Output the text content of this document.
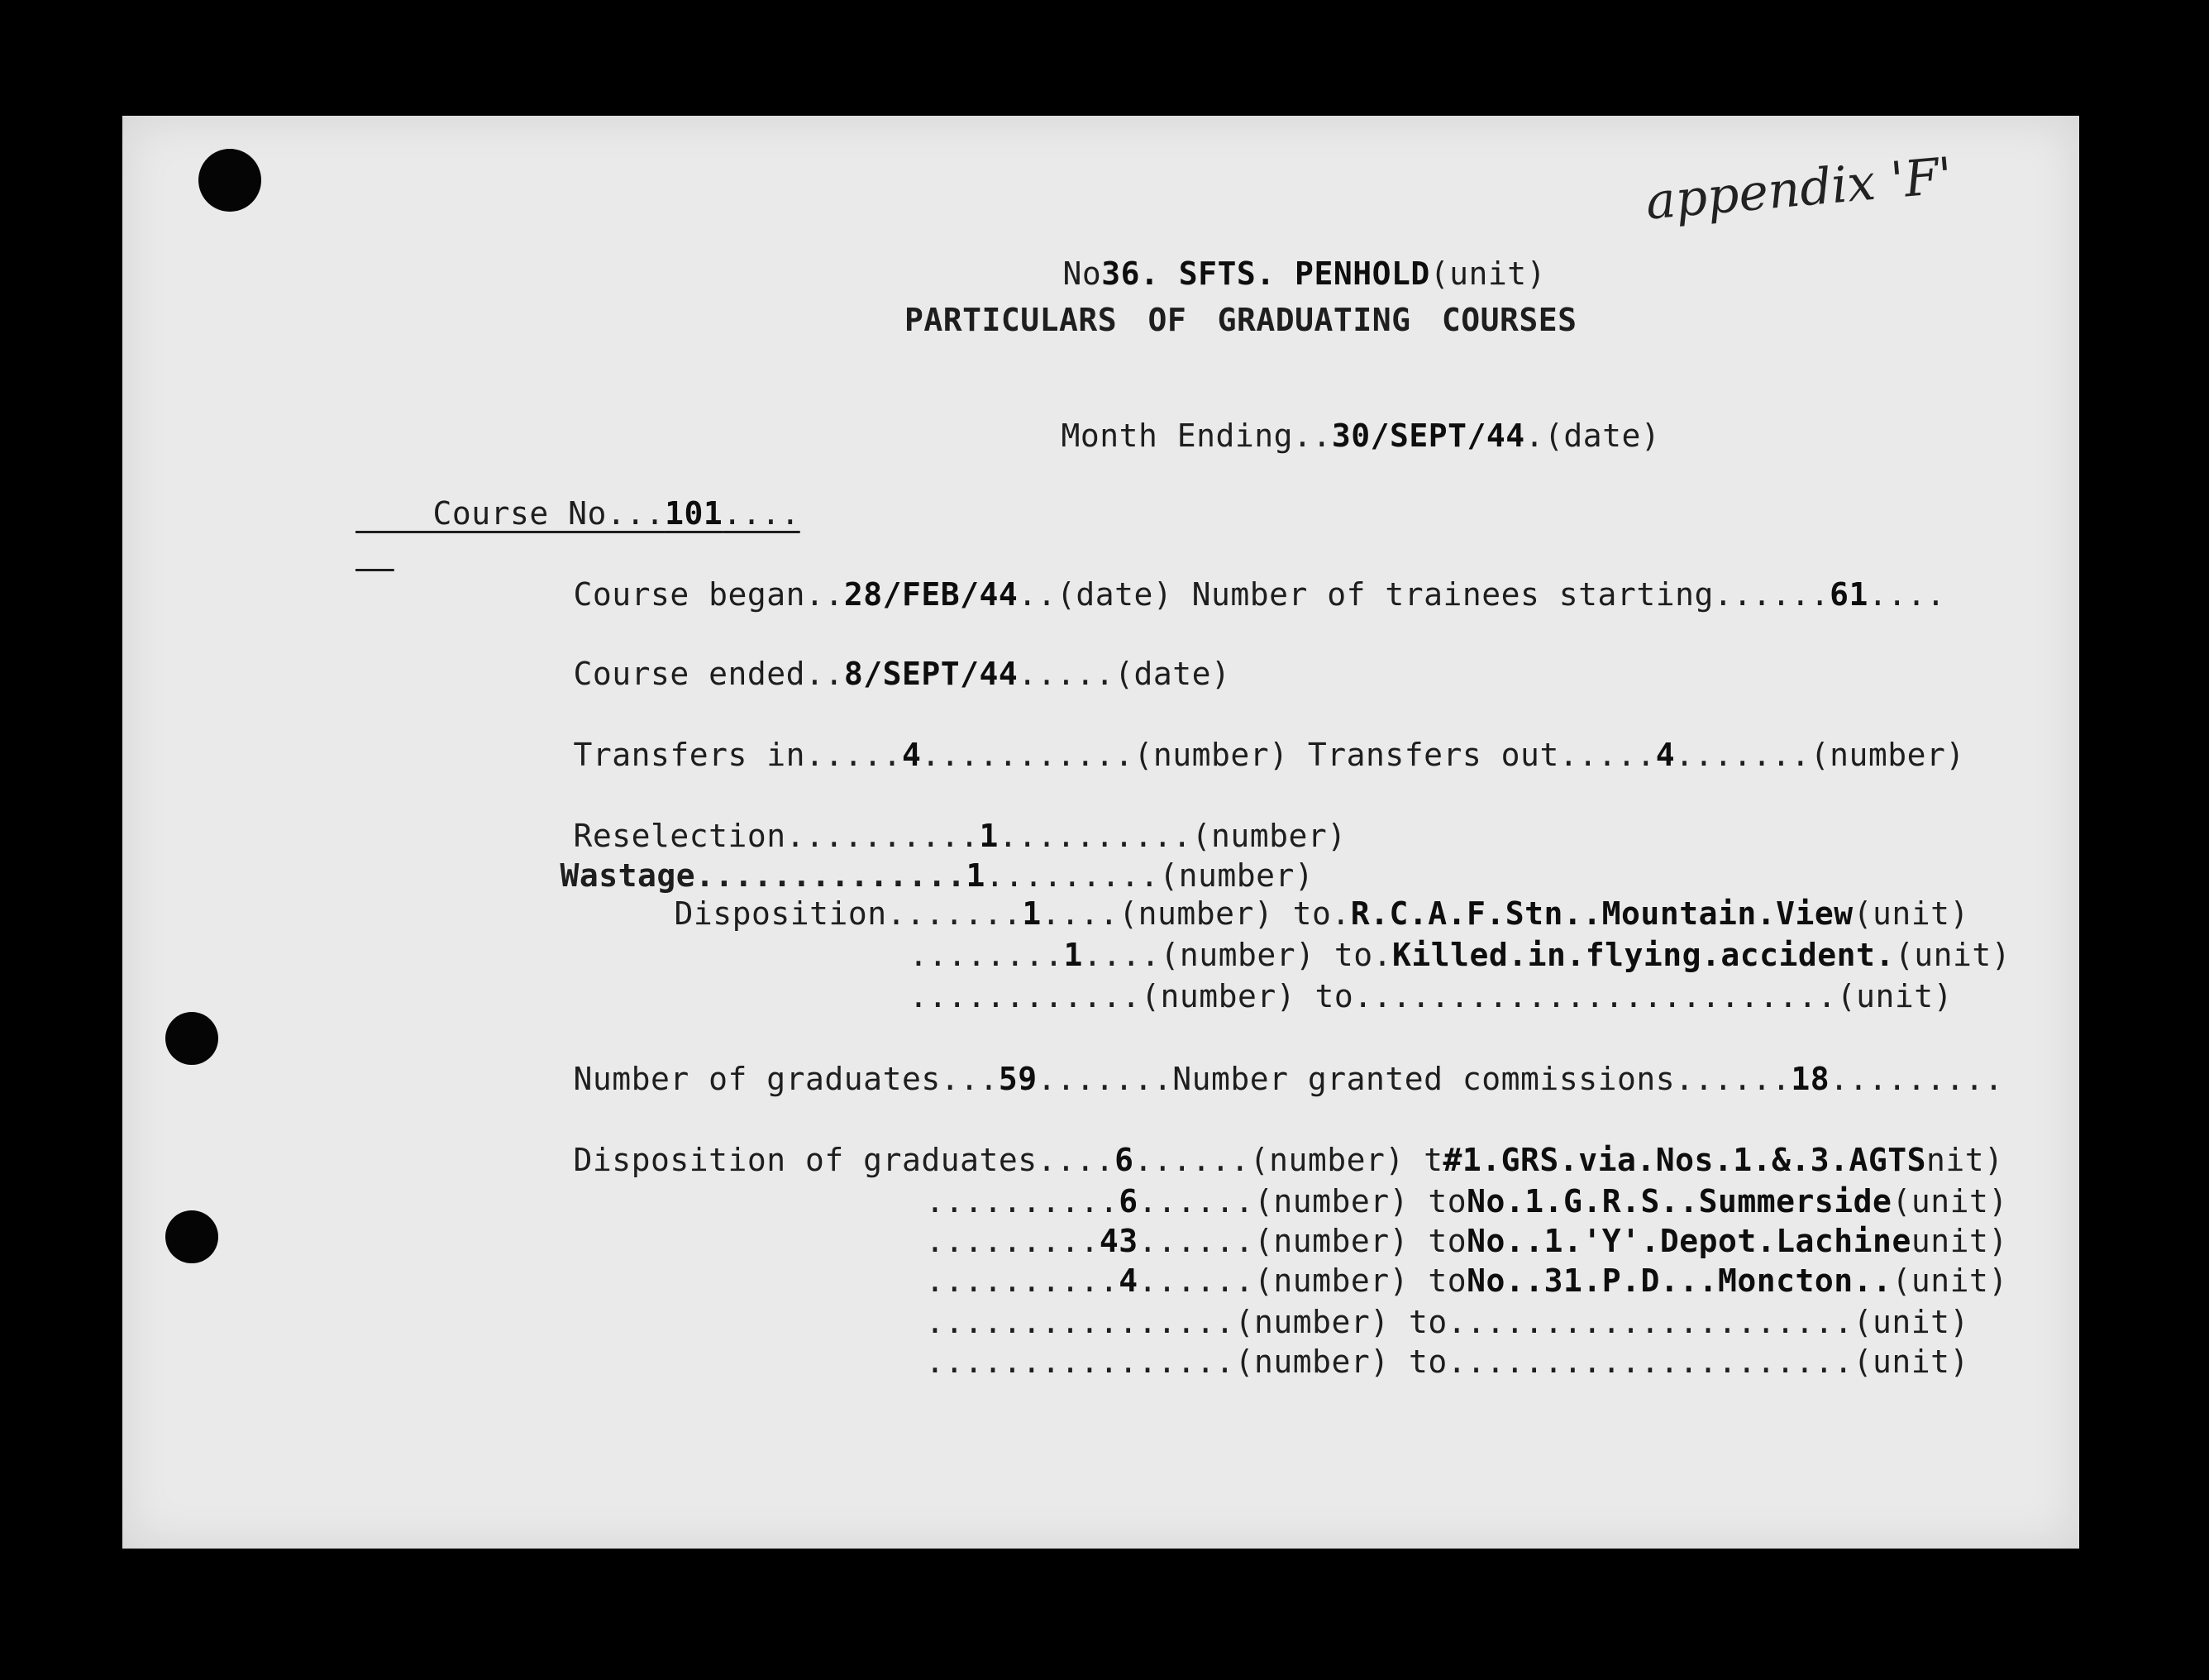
appendix 'F'

No36. SFTS. PENHOLD(unit)

PARTICULARS OF GRADUATING COURSES

Month Ending..30/SEPT/44.(date)

Course No...101....

Course began..28/FEB/44..(date) Number of trainees starting......61....

Course ended..8/SEPT/44.....(date)

Transfers in.....4...........(number) Transfers out.....4.......(number)

Reselection..........1..........(number)

Wastage..............1.........(number)

Disposition.......1....(number) to.R.C.A.F.Stn..Mountain.View(unit)

........1....(number) to.Killed.in.flying.accident.(unit)

............(number) to.........................(unit)

Number of graduates...59.......Number granted commissions......18.........

Disposition of graduates....6......(number) t#1.GRS.via.Nos.1.&.3.AGTSnit)

..........6......(number) toNo.1.G.R.S..Summerside(unit)

.........43......(number) toNo..1.'Y'.Depot.Lachineunit)

..........4......(number) toNo..31.P.D...Moncton..(unit)

................(number) to.....................(unit)

................(number) to.....................(unit)
